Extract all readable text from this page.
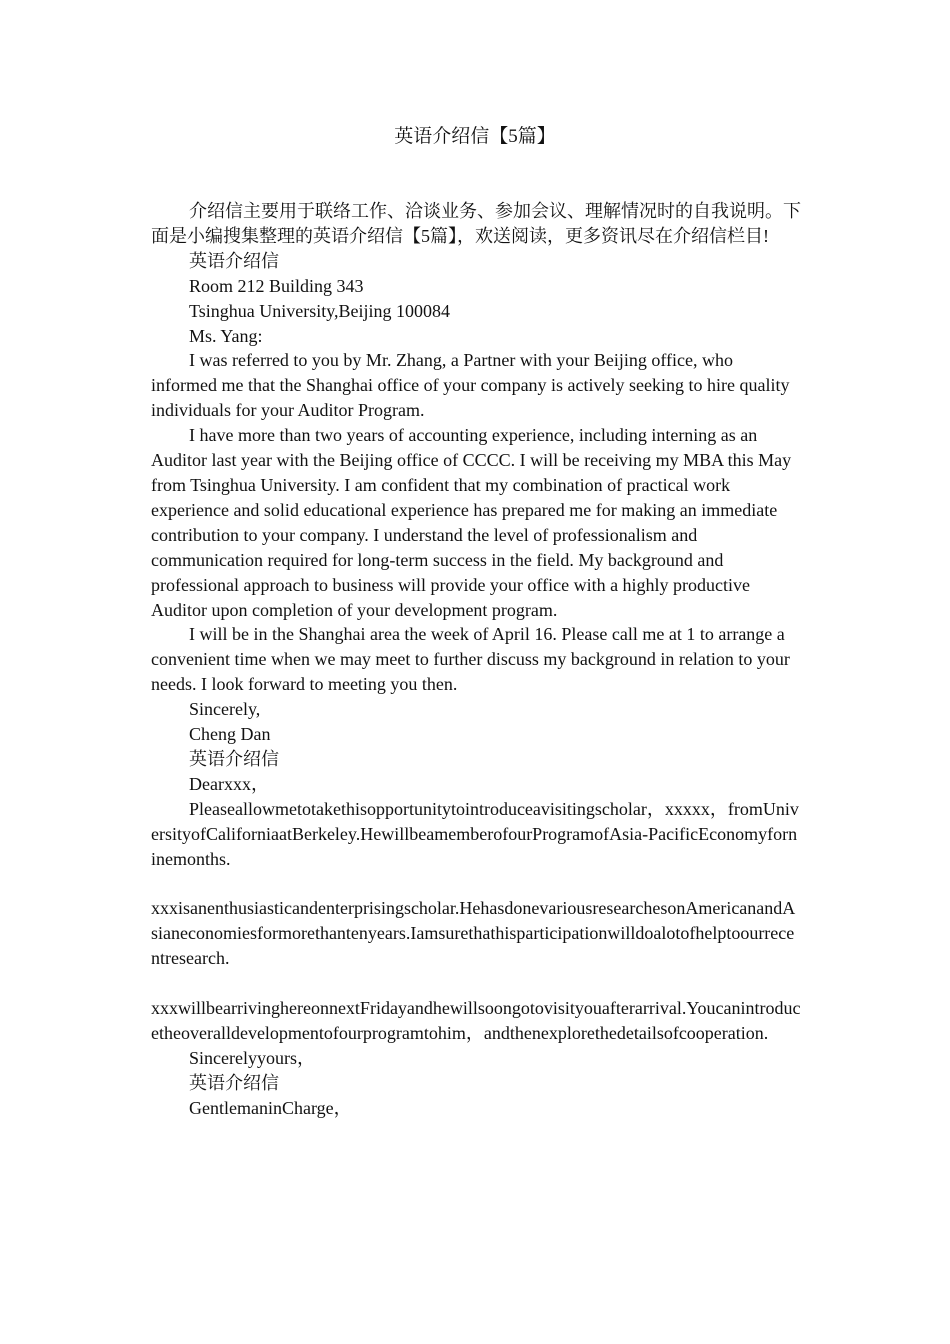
英语介绍信【5篇】

介绍信主要用于联络工作、洽谈业务、参加会议、理解情况时的自我说明。下面是小编搜集整理的英语介绍信【5篇】，欢送阅读，更多资讯尽在介绍信栏目!

英语介绍信

Room 212 Building 343

Tsinghua University,Beijing 100084

Ms. Yang:

I was referred to you by Mr. Zhang, a Partner with your Beijing office, who informed me that the Shanghai office of your company is actively seeking to hire quality individuals for your Auditor Program.

I have more than two years of accounting experience, including interning as an Auditor last year with the Beijing office of CCCC. I will be receiving my MBA this May from Tsinghua University. I am confident that my combination of practical work experience and solid educational experience has prepared me for making an immediate contribution to your company. I understand the level of professionalism and communication required for long-term success in the field. My background and professional approach to business will provide your office with a highly productive Auditor upon completion of your development program.

I will be in the Shanghai area the week of April 16. Please call me at 1 to arrange a convenient time when we may meet to further discuss my background in relation to your needs. I look forward to meeting you then.

Sincerely,

Cheng Dan

英语介绍信

Dearxxx，

Pleaseallowmetotakethisopportunitytointroduceavisitingscholar，xxxxx，fromUniversityofCaliforniaatBerkeley.HewillbeamemberofourProgramofAsia-PacificEconomyforninemonths.

xxxisanenthusiasticandenterprisingscholar.HehasdonevariousresearchesonAmericanandAsianeconomiesformorethantenyears.Iamsurethathisparticipationwilldoalotofhelptoourrecentresearch.

xxxwillbearrivinghereonnextFridayandhewillsoongotovisityouafterarrival.Youcanintroducetheoveralldevelopmentofourprogramtohim，andthenexplorethedetailsofcooperation.

Sincerelyyours，

英语介绍信

GentlemaninCharge，
